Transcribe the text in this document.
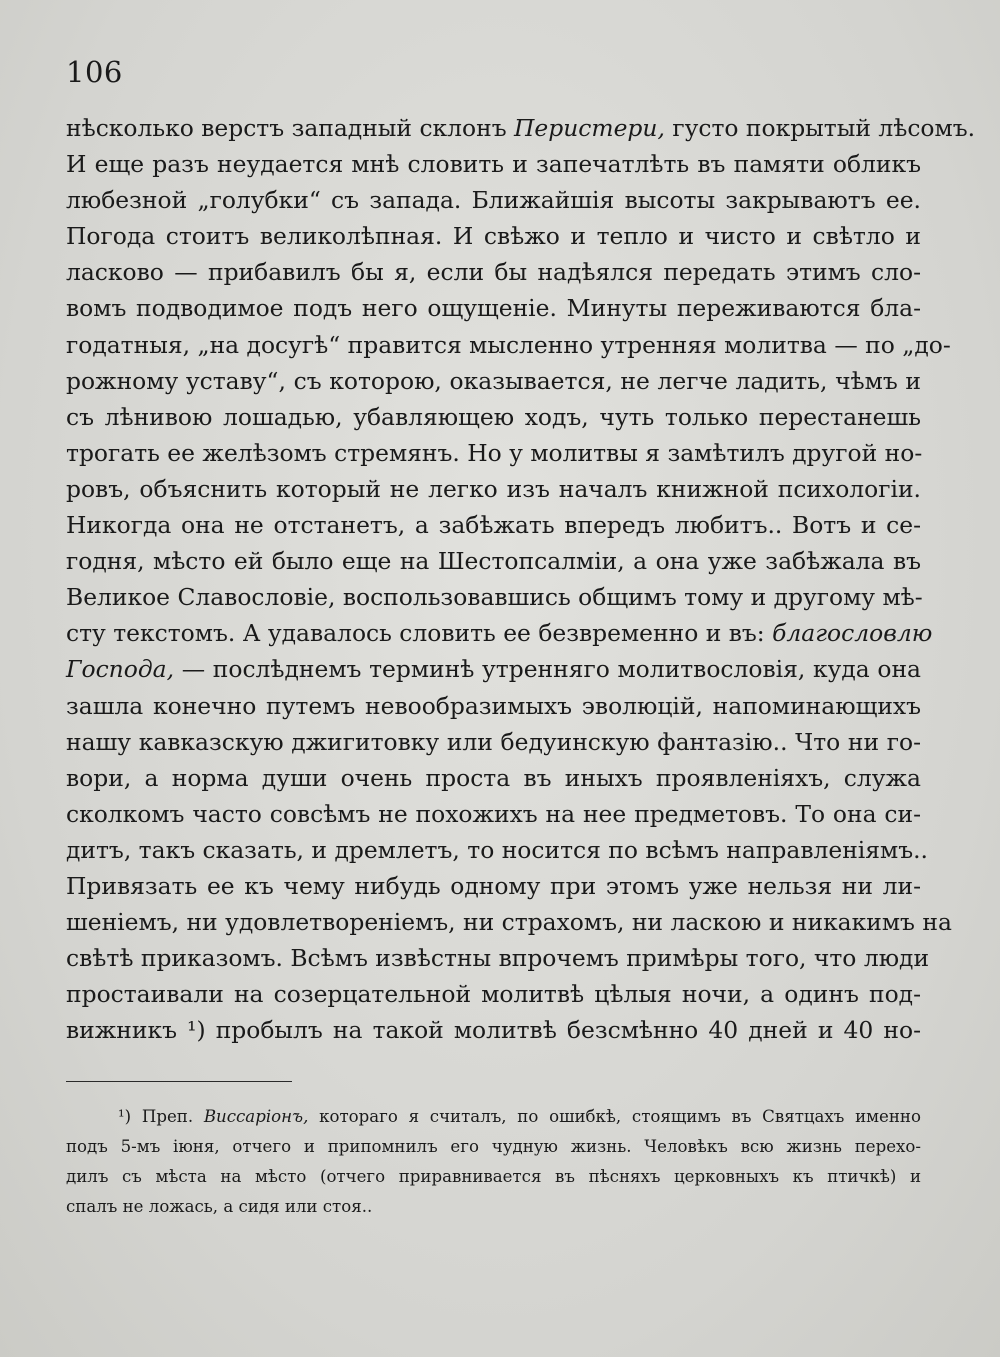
106
нѣсколько верстъ западный склонъ Перистери, густо покрытый лѣсомъ.
И еще разъ неудается мнѣ словить и запечатлѣть въ памяти обликъ
любезной „голубки“ съ запада. Ближайшія высоты закрываютъ ее.
Погода стоитъ великолѣпная. И свѣжо и тепло и чисто и свѣтло и
ласково — прибавилъ бы я, если бы надѣялся передать этимъ сло-
вомъ подводимое подъ него ощущеніе. Минуты переживаются бла-
годатныя, „на досугѣ“ правится мысленно утренняя молитва — по „до-
рожному уставу“, съ которою, оказывается, не легче ладить, чѣмъ и
съ лѣнивою лошадью, убавляющею ходъ, чуть только перестанешь
трогать ее желѣзомъ стремянъ. Но у молитвы я замѣтилъ другой но-
ровъ, объяснить который не легко изъ началъ книжной психологіи.
Никогда она не отстанетъ, а забѣжать впередъ любитъ.. Вотъ и се-
годня, мѣсто ей было еще на Шестопсалміи, а она уже забѣжала въ
Великое Славословіе, воспользовавшись общимъ тому и другому мѣ-
сту текстомъ. А удавалось словить ее безвременно и въ: благословлю
Господа, — послѣднемъ терминѣ утренняго молитвословія, куда она
зашла конечно путемъ невообразимыхъ эволюцій, напоминающихъ
нашу кавказскую джигитовку или бедуинскую фантазію.. Что ни го-
вори, а норма души очень проста въ иныхъ проявленіяхъ, служа
сколкомъ часто совсѣмъ не похожихъ на нее предметовъ. То она си-
дитъ, такъ сказать, и дремлетъ, то носится по всѣмъ направленіямъ..
Привязать ее къ чему нибудь одному при этомъ уже нельзя ни ли-
шеніемъ, ни удовлетвореніемъ, ни страхомъ, ни ласкою и никакимъ на
свѣтѣ приказомъ. Всѣмъ извѣстны впрочемъ примѣры того, что люди
простаивали на созерцательной молитвѣ цѣлыя ночи, а одинъ под-
вижникъ ¹) пробылъ на такой молитвѣ безсмѣнно 40 дней и 40 но-
¹) Преп. Виссаріонъ, котораго я считалъ, по ошибкѣ, стоящимъ въ Святцахъ именно
подъ 5-мъ іюня, отчего и припомнилъ его чудную жизнь. Человѣкъ всю жизнь перехо-
дилъ съ мѣста на мѣсто (отчего приравнивается въ пѣсняхъ церковныхъ къ птичкѣ) и
спалъ не ложась, а сидя или стоя..
